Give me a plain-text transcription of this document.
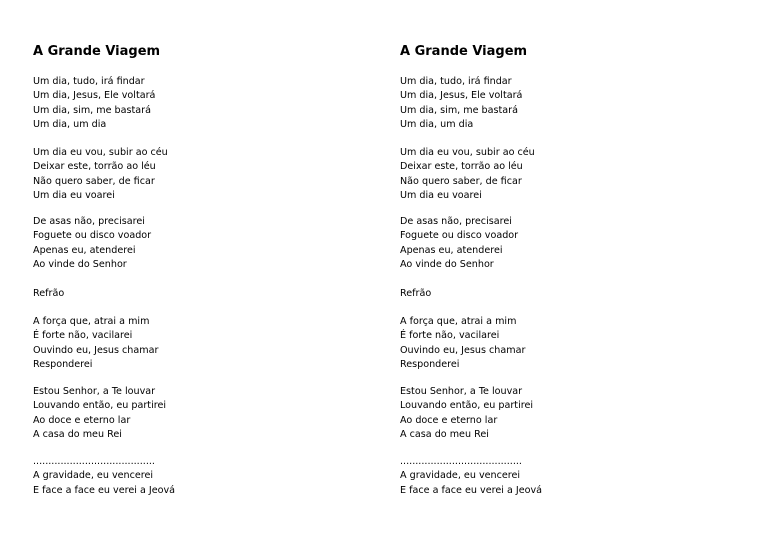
A Grande Viagem
Um dia, tudo, irá findar
Um dia, Jesus, Ele voltará
Um dia, sim, me bastará
Um dia, um dia
Um dia eu vou, subir ao céu
Deixar este, torrão ao léu
Não quero saber, de ficar
Um dia eu voarei
De asas não, precisarei
Foguete ou disco voador
Apenas eu, atenderei
Ao vinde do Senhor
Refrão
A força que, atrai a mim
É forte não, vacilarei
Ouvindo eu, Jesus chamar
Responderei
Estou Senhor, a Te louvar
Louvando então, eu partirei
Ao doce e eterno lar
A casa do meu Rei
........................................
A gravidade, eu vencerei
E face a face eu verei a Jeová
A Grande Viagem
Um dia, tudo, irá findar
Um dia, Jesus, Ele voltará
Um dia, sim, me bastará
Um dia, um dia
Um dia eu vou, subir ao céu
Deixar este, torrão ao léu
Não quero saber, de ficar
Um dia eu voarei
De asas não, precisarei
Foguete ou disco voador
Apenas eu, atenderei
Ao vinde do Senhor
Refrão
A força que, atrai a mim
É forte não, vacilarei
Ouvindo eu, Jesus chamar
Responderei
Estou Senhor, a Te louvar
Louvando então, eu partirei
Ao doce e eterno lar
A casa do meu Rei
........................................
A gravidade, eu vencerei
E face a face eu verei a Jeová
